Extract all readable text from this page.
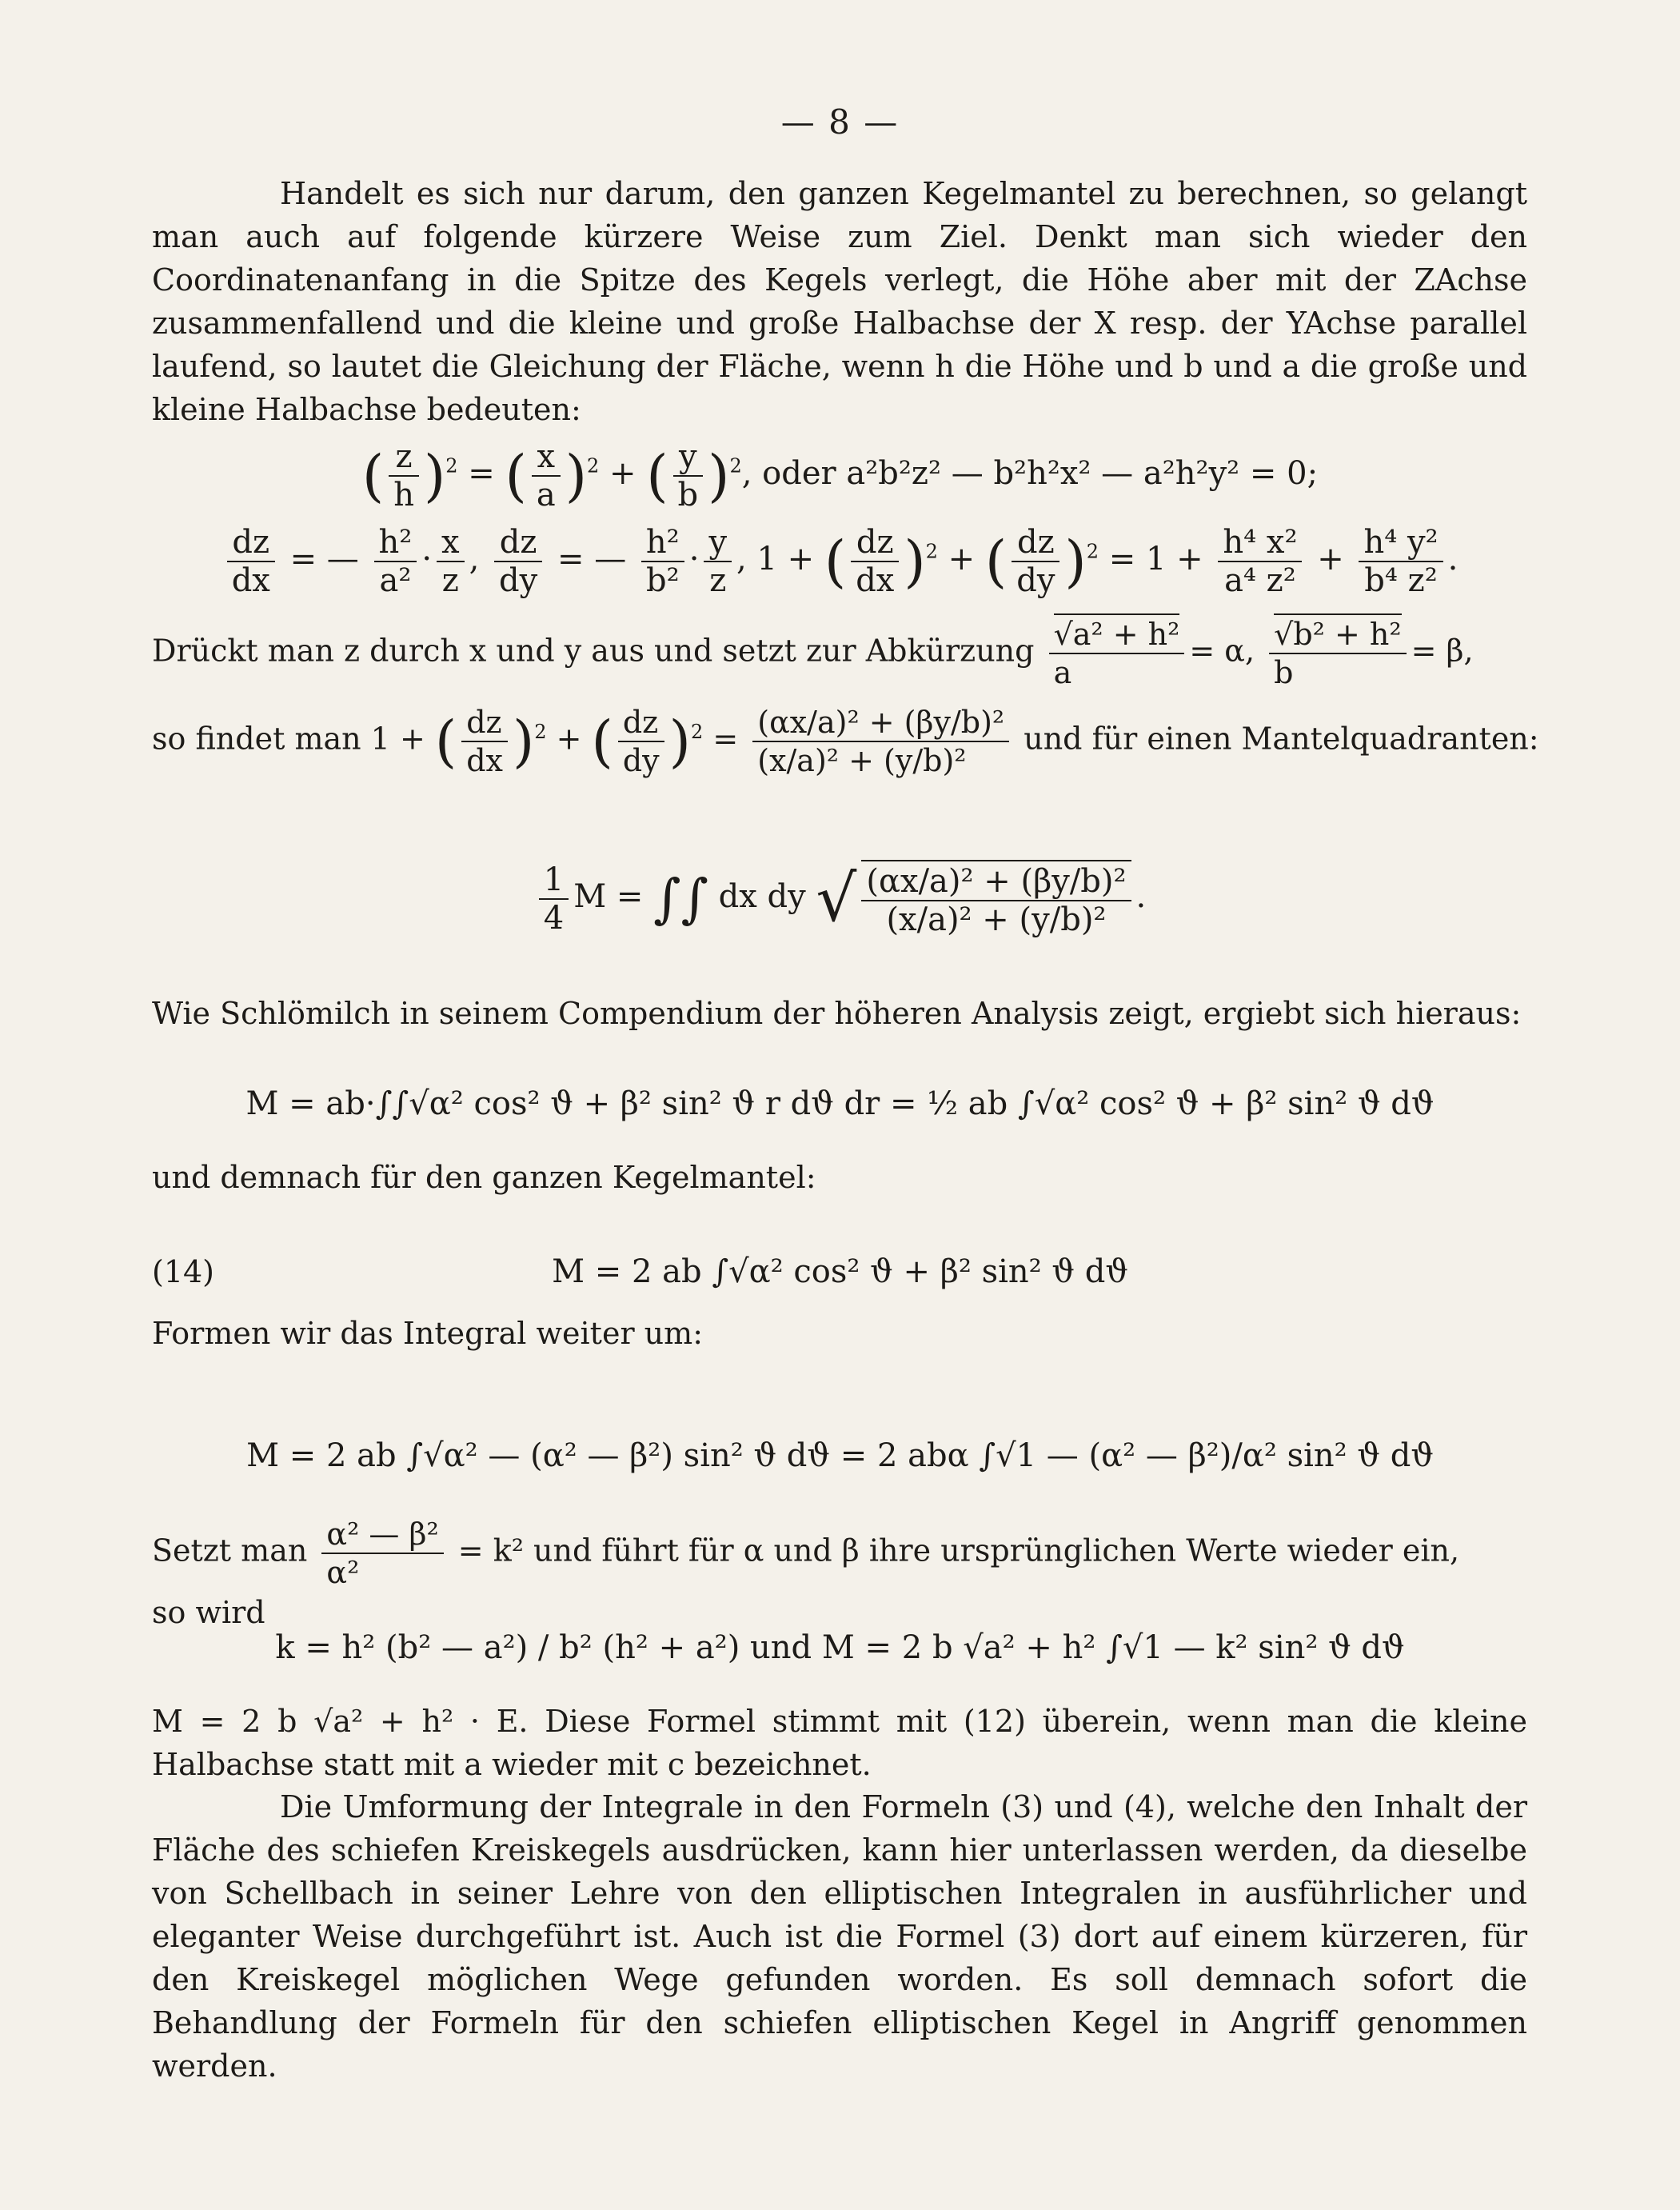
— 8 —

Handelt es sich nur darum, den ganzen Kegelmantel zu berechnen, so gelangt man auch auf folgende kürzere Weise zum Ziel. Denkt man sich wieder den Coordinatenanfang in die Spitze des Kegels verlegt, die Höhe aber mit der ZAchse zusammenfallend und die kleine und große Halbachse der X resp. der YAchse parallel laufend, so lautet die Gleichung der Fläche, wenn h die Höhe und b und a die große und kleine Halbachse bedeuten:

( $\frac{z}{h} )^2$ = ( $\frac{x}{a} )^2$ + ( $\frac{y}{b} )^2$, oder a²b²z² — b²h²x² — a²h²y² = 0;
$\frac{dz}{dx}$ = — $\frac{\text{h²}}{\text{a²}} \cdot \frac{x}{z}$ , $\frac{dz}{dy}$ = — $\frac{\text{h²}}{\text{b²}} \cdot \frac{y}{z}$ , 1 + ( $\frac{dz}{dx} )^2$ + ( $\frac{dz}{dy} )^2 = 1 + \frac{\text{h⁴ x²}}{\text{a⁴ z²}} + \frac{\text{h⁴ y²}}{\text{b⁴ z²}}$ .

Drückt man z durch x und y aus und setzt zur Abkürzung $\frac{\text{√a² + h²}}{a} = \alpha$, $\frac{\text{√b² + h²}}{b} = \beta$,

so findet man 1 + ( $\frac{dz}{dx} )^2$ + ( $\frac{dz}{dy} )^2 = \frac{\text{(αx/a)² + (βy/b)²}}{\text{(x/a)² + (y/b)²}}$ und für einen Mantelquadranten:

$\frac{1}{4}$ M = ∫∫ dx dy √ $\frac{\text{(αx/a)² + (βy/b)²}}{\text{(x/a)² + (y/b)²}}$ .

Wie Schlömilch in seinem Compendium der höheren Analysis zeigt, ergiebt sich hieraus:

M = ab·∫∫√α² cos² ϑ + β² sin² ϑ r dϑ dr = ½ ab ∫√α² cos² ϑ + β² sin² ϑ dϑ

und demnach für den ganzen Kegelmantel:

(14)	M = 2 ab ∫√α² cos² ϑ + β² sin² ϑ dϑ

Formen wir das Integral weiter um:

M = 2 ab ∫√α² — (α² — β²) sin² ϑ dϑ = 2 abα ∫√1 — (α² — β²)/α² sin² ϑ dϑ

Setzt man $\frac{\text{α² — β²}}{\text{α²}} = k^2$ und führt für α und β ihre ursprünglichen Werte wieder ein,

so wird

k = h² (b² — a²) / b² (h² + a²) und M = 2 b √a² + h² ∫√1 — k² sin² ϑ dϑ

M = 2 b √a² + h² · E. Diese Formel stimmt mit (12) überein, wenn man die kleine Halbachse statt mit a wieder mit c bezeichnet.

Die Umformung der Integrale in den Formeln (3) und (4), welche den Inhalt der Fläche des schiefen Kreiskegels ausdrücken, kann hier unterlassen werden, da dieselbe von Schellbach in seiner Lehre von den elliptischen Integralen in ausführlicher und eleganter Weise durchgeführt ist. Auch ist die Formel (3) dort auf einem kürzeren, für den Kreiskegel möglichen Wege gefunden worden. Es soll demnach sofort die Behandlung der Formeln für den schiefen elliptischen Kegel in Angriff genommen werden.
